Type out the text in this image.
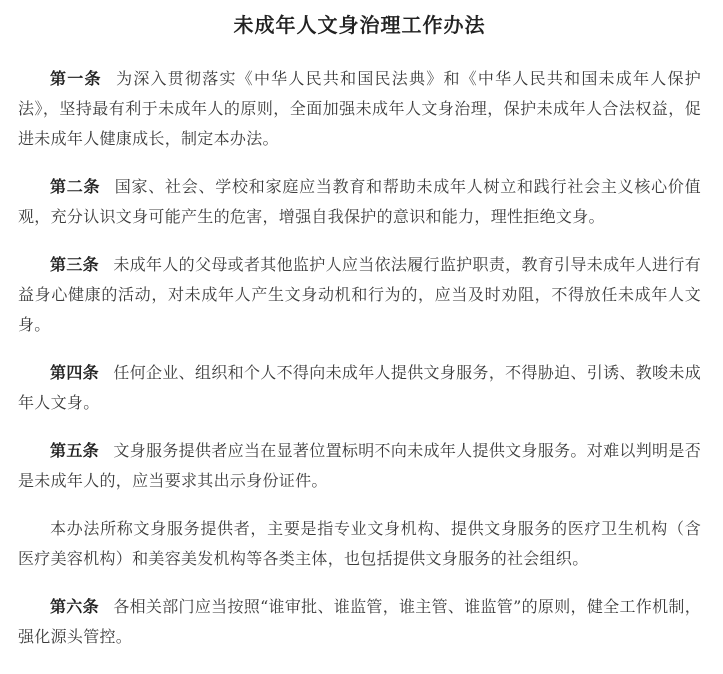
未成年人文身治理工作办法

第一条 为深入贯彻落实《中华人民共和国民法典》和《中华人民共和国未成年人保护法》，坚持最有利于未成年人的原则，全面加强未成年人文身治理，保护未成年人合法权益，促进未成年人健康成长，制定本办法。

第二条 国家、社会、学校和家庭应当教育和帮助未成年人树立和践行社会主义核心价值观，充分认识文身可能产生的危害，增强自我保护的意识和能力，理性拒绝文身。

第三条 未成年人的父母或者其他监护人应当依法履行监护职责，教育引导未成年人进行有益身心健康的活动，对未成年人产生文身动机和行为的，应当及时劝阻，不得放任未成年人文身。

第四条 任何企业、组织和个人不得向未成年人提供文身服务，不得胁迫、引诱、教唆未成年人文身。

第五条 文身服务提供者应当在显著位置标明不向未成年人提供文身服务。对难以判明是否是未成年人的，应当要求其出示身份证件。

本办法所称文身服务提供者，主要是指专业文身机构、提供文身服务的医疗卫生机构（含医疗美容机构）和美容美发机构等各类主体，也包括提供文身服务的社会组织。

第六条 各相关部门应当按照“谁审批、谁监管，谁主管、谁监管”的原则，健全工作机制，强化源头管控。
